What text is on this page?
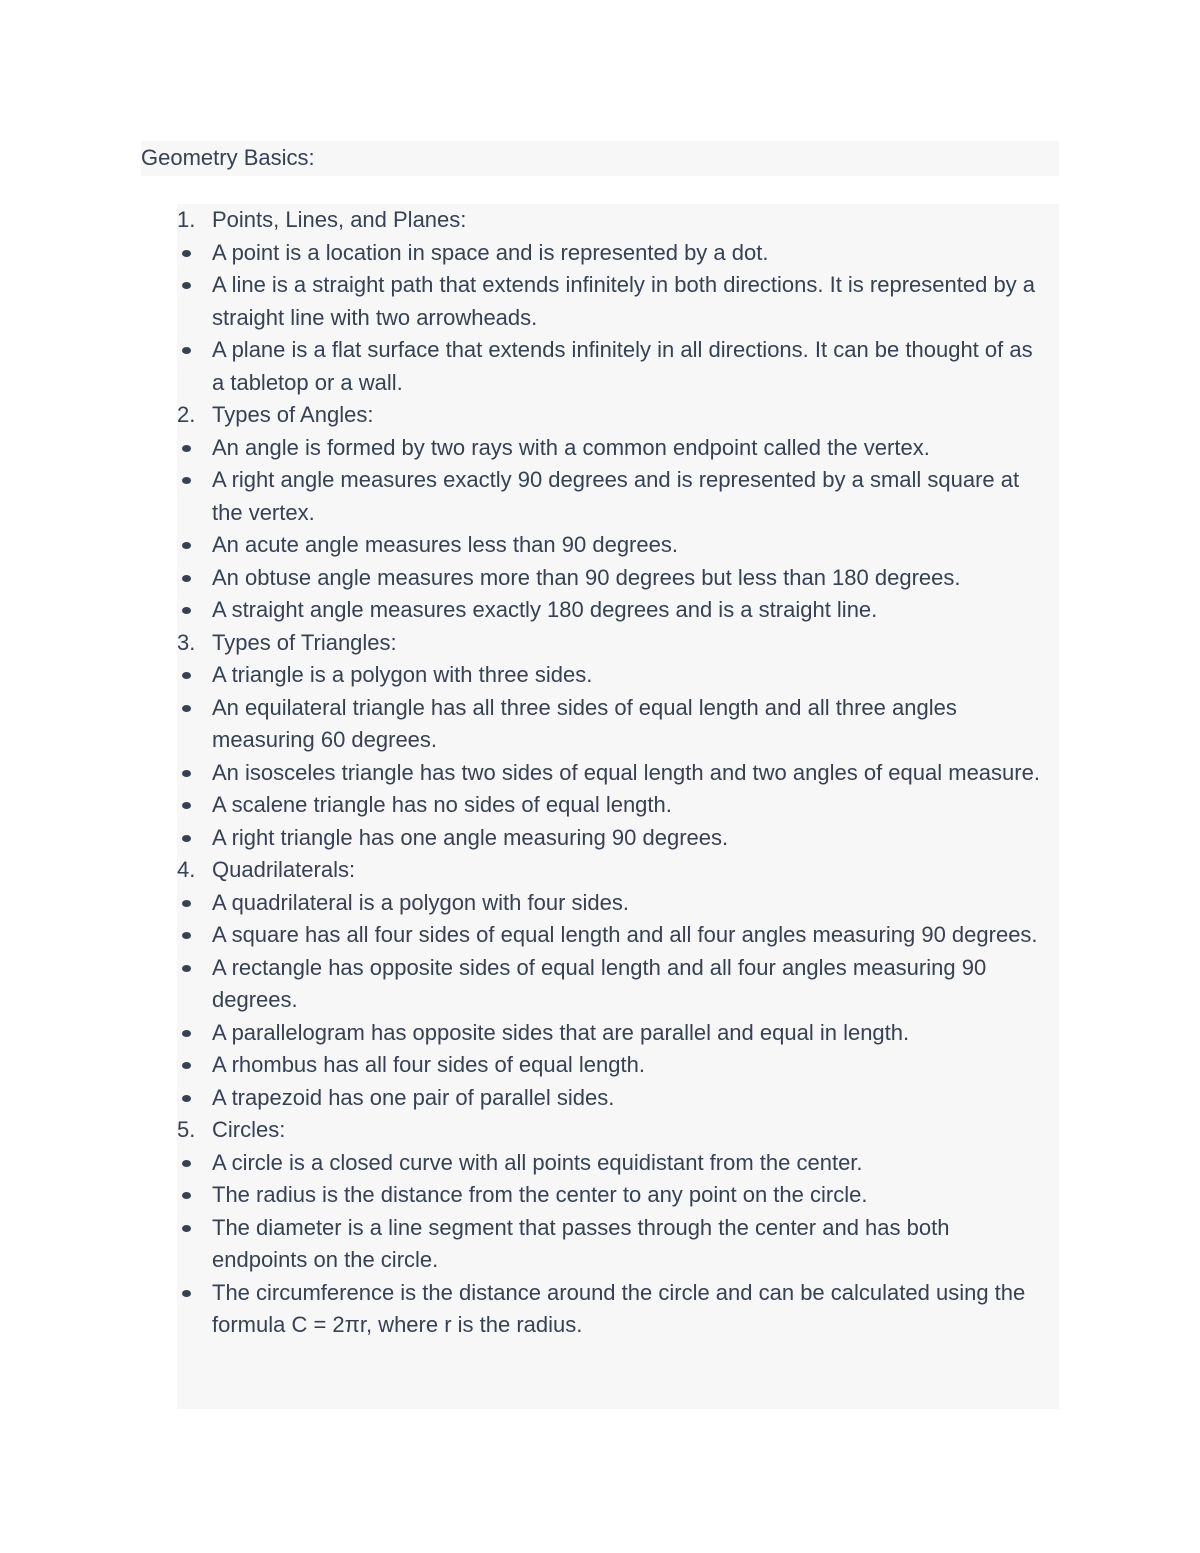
Geometry Basics:
1. Points, Lines, and Planes:
A point is a location in space and is represented by a dot.
A line is a straight path that extends infinitely in both directions. It is represented by a straight line with two arrowheads.
A plane is a flat surface that extends infinitely in all directions. It can be thought of as a tabletop or a wall.
2. Types of Angles:
An angle is formed by two rays with a common endpoint called the vertex.
A right angle measures exactly 90 degrees and is represented by a small square at the vertex.
An acute angle measures less than 90 degrees.
An obtuse angle measures more than 90 degrees but less than 180 degrees.
A straight angle measures exactly 180 degrees and is a straight line.
3. Types of Triangles:
A triangle is a polygon with three sides.
An equilateral triangle has all three sides of equal length and all three angles measuring 60 degrees.
An isosceles triangle has two sides of equal length and two angles of equal measure.
A scalene triangle has no sides of equal length.
A right triangle has one angle measuring 90 degrees.
4. Quadrilaterals:
A quadrilateral is a polygon with four sides.
A square has all four sides of equal length and all four angles measuring 90 degrees.
A rectangle has opposite sides of equal length and all four angles measuring 90 degrees.
A parallelogram has opposite sides that are parallel and equal in length.
A rhombus has all four sides of equal length.
A trapezoid has one pair of parallel sides.
5. Circles:
A circle is a closed curve with all points equidistant from the center.
The radius is the distance from the center to any point on the circle.
The diameter is a line segment that passes through the center and has both endpoints on the circle.
The circumference is the distance around the circle and can be calculated using the formula C = 2πr, where r is the radius.
